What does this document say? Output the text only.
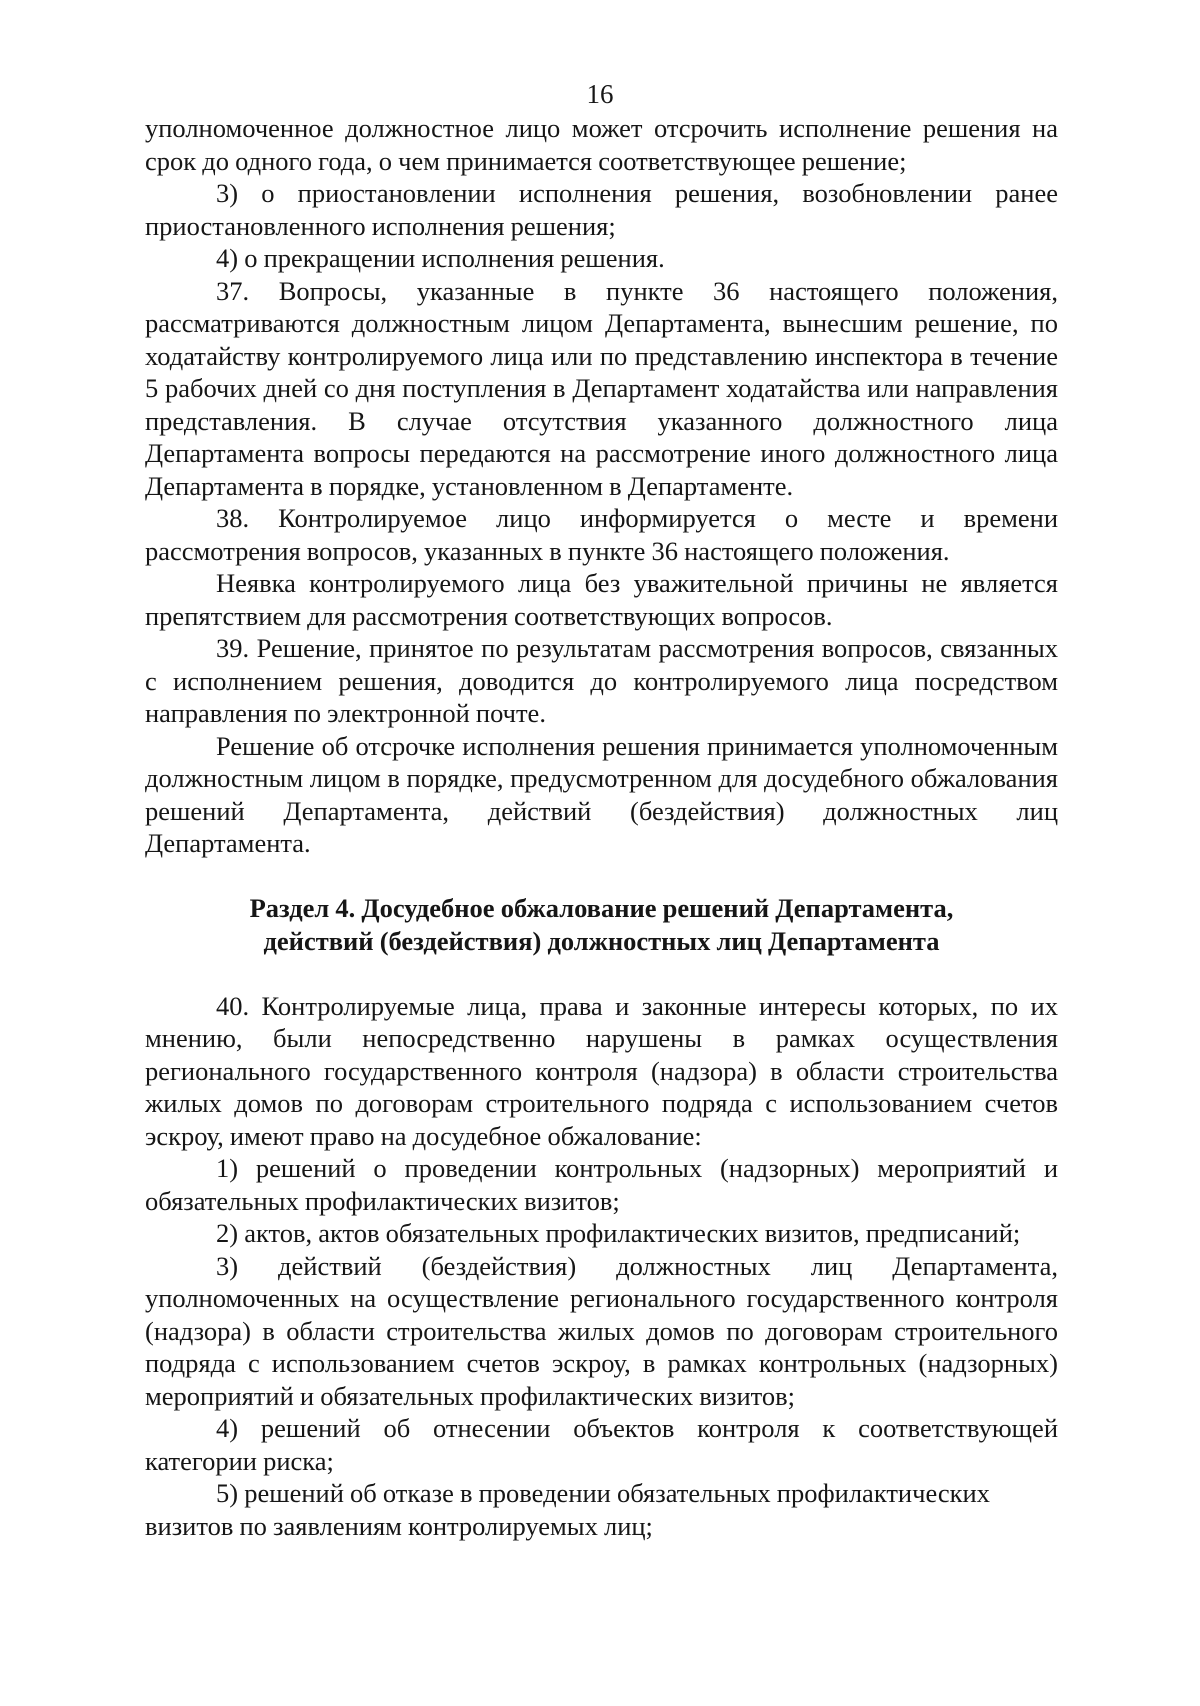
16
уполномоченное должностное лицо может отсрочить исполнение решения на срок до одного года, о чем принимается соответствующее решение;
3) о приостановлении исполнения решения, возобновлении ранее приостановленного исполнения решения;
4) о прекращении исполнения решения.
37. Вопросы, указанные в пункте 36 настоящего положения, рассматриваются должностным лицом Департамента, вынесшим решение, по ходатайству контролируемого лица или по представлению инспектора в течение 5 рабочих дней со дня поступления в Департамент ходатайства или направления представления. В случае отсутствия указанного должностного лица Департамента вопросы передаются на рассмотрение иного должностного лица Департамента в порядке, установленном в Департаменте.
38. Контролируемое лицо информируется о месте и времени рассмотрения вопросов, указанных в пункте 36 настоящего положения.
Неявка контролируемого лица без уважительной причины не является препятствием для рассмотрения соответствующих вопросов.
39. Решение, принятое по результатам рассмотрения вопросов, связанных с исполнением решения, доводится до контролируемого лица посредством направления по электронной почте.
Решение об отсрочке исполнения решения принимается уполномоченным должностным лицом в порядке, предусмотренном для досудебного обжалования решений Департамента, действий (бездействия) должностных лиц Департамента.
Раздел 4. Досудебное обжалование решений Департамента,
действий (бездействия) должностных лиц Департамента
40. Контролируемые лица, права и законные интересы которых, по их мнению, были непосредственно нарушены в рамках осуществления регионального государственного контроля (надзора) в области строительства жилых домов по договорам строительного подряда с использованием счетов эскроу, имеют право на досудебное обжалование:
1) решений о проведении контрольных (надзорных) мероприятий и обязательных профилактических визитов;
2) актов, актов обязательных профилактических визитов, предписаний;
3) действий (бездействия) должностных лиц Департамента, уполномоченных на осуществление регионального государственного контроля (надзора) в области строительства жилых домов по договорам строительного подряда с использованием счетов эскроу, в рамках контрольных (надзорных) мероприятий и обязательных профилактических визитов;
4) решений об отнесении объектов контроля к соответствующей категории риска;
5) решений об отказе в проведении обязательных профилактических визитов по заявлениям контролируемых лиц;
